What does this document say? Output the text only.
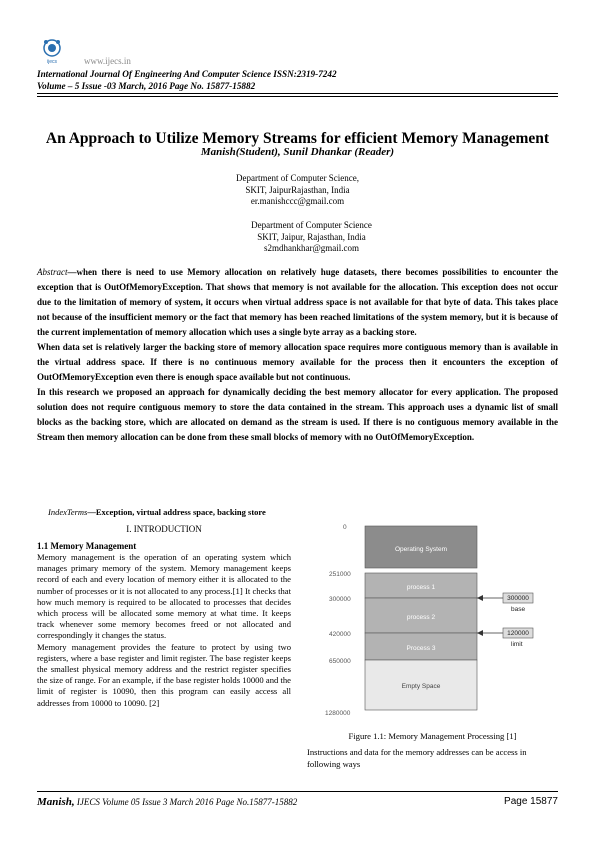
ijecs	www.ijecs.in
International Journal Of Engineering And Computer Science ISSN:2319-7242
Volume – 5 Issue -03 March, 2016 Page No. 15877-15882
An Approach to Utilize Memory Streams for efficient Memory Management
Manish(Student), Sunil Dhankar (Reader)
Department of Computer Science,
SKIT, JaipurRajasthan, India
er.manishccc@gmail.com
Department of Computer Science
SKIT, Jaipur, Rajasthan, India
s2mdhankhar@gmail.com

Abstract—when there is need to use Memory allocation on relatively huge datasets, there becomes possibilities to encounter the exception that is OutOfMemoryException. That shows that memory is not available for the allocation. This exception does not occur due to the limitation of memory of system, it occurs when virtual address space is not available for that byte of data. This takes place not because of the insufficient memory or the fact that memory has been reached limitations of the system memory, but it is because of the current implementation of memory allocation which uses a single byte array as a backing store.

When data set is relatively larger the backing store of memory allocation space requires more contiguous memory than is available in the virtual address space. If there is no continuous memory available for the process then it encounters the exception of OutOfMemoryException even there is enough space available but not continuous.

In this research we proposed an approach for dynamically deciding the best memory allocator for every application. The proposed solution does not require contiguous memory to store the data contained in the stream. This approach uses a dynamic list of small blocks as the backing store, which are allocated on demand as the stream is used. If there is no contiguous memory available in the Stream then memory allocation can be done from these small blocks of memory with no OutOfMemoryException.

IndexTerms—Exception, virtual address space, backing store
I. INTRODUCTION
1.1 Memory Management

Memory management is the operation of an operating system which manages primary memory of the system. Memory management keeps record of each and every location of memory either it is allocated to the number of processes or it is not allocated to any process.[1] It checks that how much memory is required to be allocated to processes that decides which process will be allocated some memory at what time. It keeps track whenever some memory becomes freed or not allocated and correspondingly it changes the status.

Memory management provides the feature to protect by using two registers, where a base register and limit register. The base register keeps the smallest physical memory address and the restrict register specifies the size of range. For an example, if the base register holds 10000 and the limit of register is 10090, then this program can easily access all addresses from 10000 to 10090. [2]

Operating System
process 1
process 2
Process 3
Empty Space
0
251000
300000
420000
650000
1280000
300000
base
120000
limit
Figure 1.1: Memory Management Processing [1]
Instructions and data for the memory addresses can be access in following ways
Manish, IJECS Volume 05 Issue 3 March 2016 Page No.15877-15882	Page 15877
